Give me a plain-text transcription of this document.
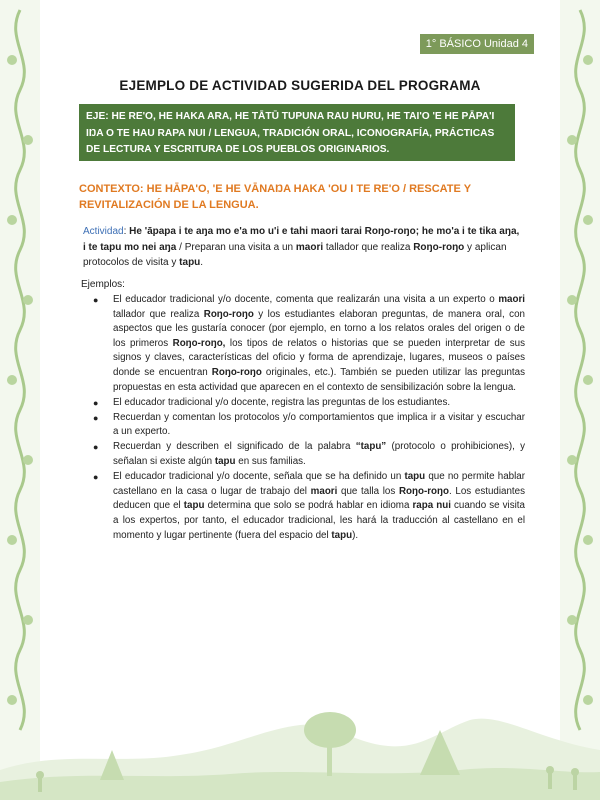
1° BÁSICO Unidad 4
EJEMPLO DE ACTIVIDAD SUGERIDA DEL PROGRAMA
EJE: HE RE'O, HE HAKA ARA, HE TĀTŪ TUPUNA RAU HURU, HE TAI'O 'E HE PĀPA'I IŊA O TE HAU RAPA NUI / LENGUA, TRADICIÓN ORAL, ICONOGRAFÍA, PRÁCTICAS DE LECTURA Y ESCRITURA DE LOS PUEBLOS ORIGINARIOS.
CONTEXTO: HE HĀPA'O, 'E HE VĀNAŊA HAKA 'OU I TE RE'O / RESCATE Y REVITALIZACIÓN DE LA LENGUA.
Actividad: He 'āpapa i te aŋa mo e'a mo u'i e tahi maori tarai Roŋo-roŋo; he mo'a i te tika aŋa, i te tapu mo nei aŋa / Preparan una visita a un maori tallador que realiza Roŋo-roŋo y aplican protocolos de visita y tapu.
Ejemplos:
● El educador tradicional y/o docente, comenta que realizarán una visita a un experto o maori tallador que realiza Roŋo-roŋo y los estudiantes elaboran preguntas, de manera oral, con aspectos que les gustaría conocer (por ejemplo, en torno a los relatos orales del origen o de los primeros Roŋo-roŋo, los tipos de relatos o historias que se pueden interpretar de sus signos y claves, características del oficio y forma de aprendizaje, lugares, museos o países donde se encuentran Roŋo-roŋo originales, etc.). También se pueden utilizar las preguntas propuestas en esta actividad que aparecen en el contexto de sensibilización sobre la lengua.
● El educador tradicional y/o docente, registra las preguntas de los estudiantes.
● Recuerdan y comentan los protocolos y/o comportamientos que implica ir a visitar y escuchar a un experto.
● Recuerdan y describen el significado de la palabra “tapu” (protocolo o prohibiciones), y señalan si existe algún tapu en sus familias.
● El educador tradicional y/o docente, señala que se ha definido un tapu que no permite hablar castellano en la casa o lugar de trabajo del maori que talla los Roŋo-roŋo. Los estudiantes deducen que el tapu determina que solo se podrá hablar en idioma rapa nui cuando se visita a los expertos, por tanto, el educador tradicional, les hará la traducción al castellano en el momento y lugar pertinente (fuera del espacio del tapu).
